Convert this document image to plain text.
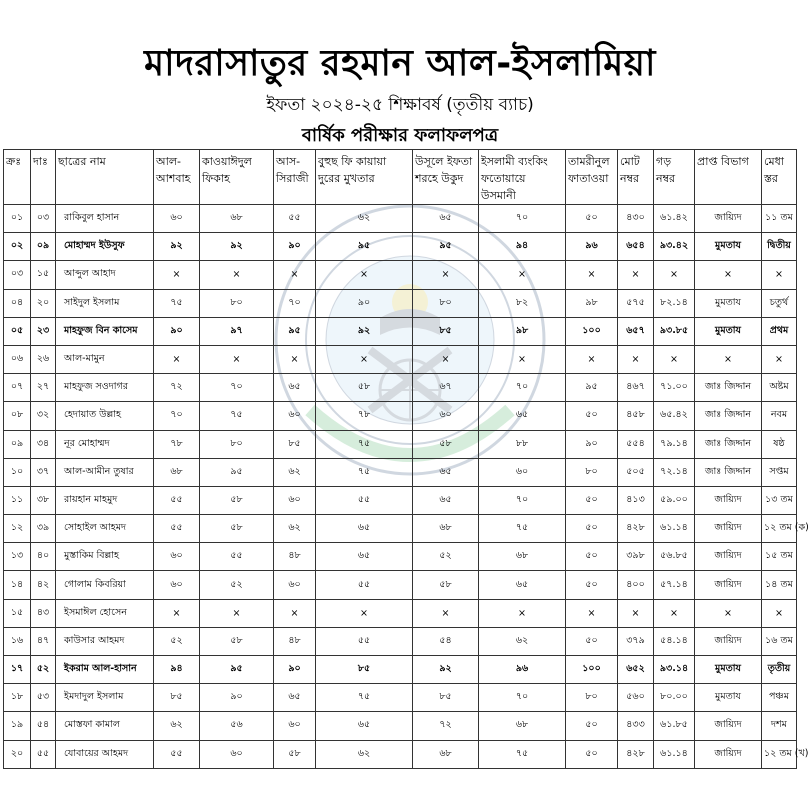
মাদরাসাতুর রহমান আল-ইসলামিয়া
ইফতা ২০২৪-২৫ শিক্ষাবর্ষ (তৃতীয় ব্যাচ)
বার্ষিক পরীক্ষার ফলাফলপত্র
ক্রঃ	দাঃ	ছাত্রের নাম	আল-আশবাহ	কাওয়াঈদুল ফিকাহ	আস-সিরাজী	বুহুছ ফি কায়ায়া দুরের মুখতার	উসূলে ইফতা শরহে উকুদ	ইসলামী ব্যংকিং ফতোয়ায়ে উসমানী	তামরীনুল ফাতাওয়া	মোট নম্বর	গড় নম্বর	প্রাপ্ত বিভাগ	মেধা স্তর
০১	০৩	রাকিবুল হাসান	৬০	৬৮	৫৫	৬২	৬৫	৭০	৫০	৪৩০	৬১.৪২	জায়্যিদ	১১ তম
০২	০৯	মোহাম্মদ ইউসুফ	৯২	৯২	৯০	৯৫	৯৫	৯৪	৯৬	৬৫৪	৯৩.৪২	মুমতায	দ্বিতীয়
০৩	১৫	আব্দুল আহাদ	×	×	×	×	×	×	×	×	×	×	×
০৪	২০	সাইদুল ইসলাম	৭৫	৮০	৭০	৯০	৮০	৮২	৯৮	৫৭৫	৮২.১৪	মুমতায	চতুর্থ
০৫	২৩	মাহফুজ বিন কাসেম	৯০	৯৭	৯৫	৯২	৮৫	৯৮	১০০	৬৫৭	৯৩.৮৫	মুমতায	প্রথম
০৬	২৬	আল-মামুন	×	×	×	×	×	×	×	×	×	×	×
০৭	২৭	মাহফুজ সওদাগর	৭২	৭০	৬৫	৫৮	৬৭	৭০	৯৫	৪৬৭	৭১.০০	জাঃ জিদ্দান	অষ্টম
০৮	৩২	হেদায়াত উল্লাহ	৭০	৭৫	৬০	৭৮	৬০	৬৫	৫০	৪৫৮	৬৫.৪২	জাঃ জিদ্দান	নবম
০৯	৩৪	নূর মোহাম্মদ	৭৮	৮০	৮৫	৭৫	৫৮	৮৮	৯০	৫৫৪	৭৯.১৪	জাঃ জিদ্দান	ষষ্ঠ
১০	৩৭	আল-আমীন তুষার	৬৮	৯৫	৬২	৭৫	৬৫	৬০	৮০	৫০৫	৭২.১৪	জাঃ জিদ্দান	সপ্তম
১১	৩৮	রায়হান মাহমুদ	৫৫	৫৮	৬০	৫৫	৬৫	৭০	৫০	৪১৩	৫৯.০০	জায়্যিদ	১৩ তম
১২	৩৯	সোহাইল আহমদ	৫৫	৫৮	৬২	৬৫	৬৮	৭৫	৫০	৪২৮	৬১.১৪	জায়্যিদ	১২ তম (ক)
১৩	৪০	মুস্তাকিম বিল্লাহ	৬০	৫৫	৪৮	৬৫	৫২	৬৮	৫০	৩৯৮	৫৬.৮৫	জায়্যিদ	১৫ তম
১৪	৪২	গোলাম কিবরিয়া	৬০	৫২	৬০	৫৫	৫৮	৬৫	৫০	৪০০	৫৭.১৪	জায়্যিদ	১৪ তম
১৫	৪৩	ইসমাঈল হোসেন	×	×	×	×	×	×	×	×	×	×	×
১৬	৪৭	কাউসার আহমদ	৫২	৫৮	৪৮	৫৫	৫৪	৬২	৫০	৩৭৯	৫৪.১৪	জায়্যিদ	১৬ তম
১৭	৫২	ইকরাম আল-হাসান	৯৪	৯৫	৯০	৮৫	৯২	৯৬	১০০	৬৫২	৯৩.১৪	মুমতায	তৃতীয়
১৮	৫৩	ইমদাদুল ইসলাম	৮৫	৯০	৬৫	৭৫	৮৫	৭০	৮০	৫৬০	৮০.০০	মুমতায	পঞ্চম
১৯	৫৪	মোস্তফা কামাল	৬২	৫৬	৬০	৬৫	৭২	৬৮	৫০	৪৩৩	৬১.৮৫	জায়্যিদ	দশম
২০	৫৫	যোবায়ের আহমদ	৫৫	৬০	৫৮	৬২	৬৮	৭৫	৫০	৪২৮	৬১.১৪	জায়্যিদ	১২ তম (খ)
